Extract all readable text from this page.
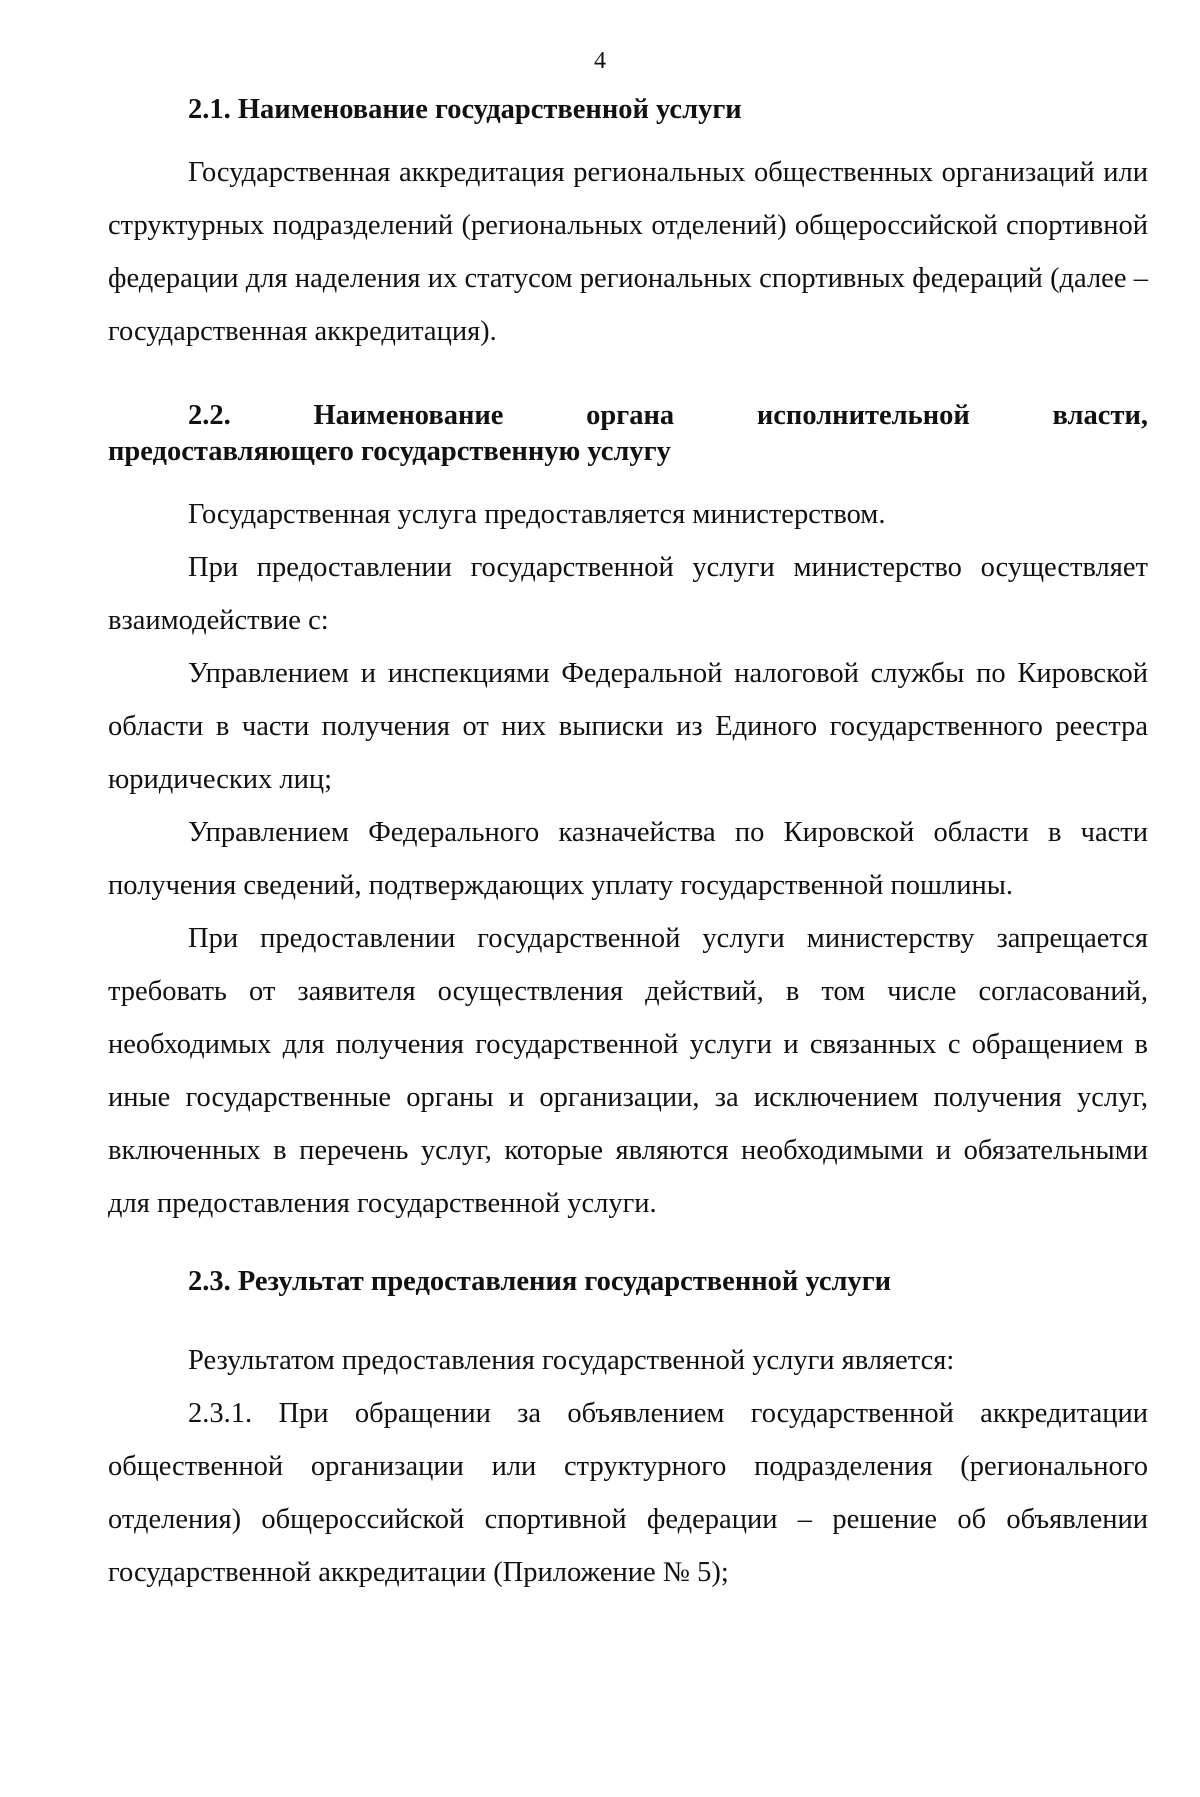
4

2.1. Наименование государственной услуги

Государственная аккредитация региональных общественных организаций или структурных подразделений (региональных отделений) общероссийской спортивной федерации для наделения их статусом региональных спортивных федераций (далее – государственная аккредитация).

2.2. Наименование органа исполнительной власти,
предоставляющего государственную услугу

Государственная услуга предоставляется министерством.

При предоставлении государственной услуги министерство осуществляет взаимодействие с:

Управлением и инспекциями Федеральной налоговой службы по Кировской области в части получения от них выписки из Единого государственного реестра юридических лиц;

Управлением Федерального казначейства по Кировской области в части получения сведений, подтверждающих уплату государственной пошлины.

При предоставлении государственной услуги министерству запрещается требовать от заявителя осуществления действий, в том числе согласований, необходимых для получения государственной услуги и связанных с обращением в иные государственные органы и организации, за исключением получения услуг, включенных в перечень услуг, которые являются необходимыми и обязательными для предоставления государственной услуги.

2.3. Результат предоставления государственной услуги

Результатом предоставления государственной услуги является:

2.3.1. При обращении за объявлением государственной аккредитации общественной организации или структурного подразделения (регионального отделения) общероссийской спортивной федерации – решение об объявлении государственной аккредитации (Приложение № 5);
